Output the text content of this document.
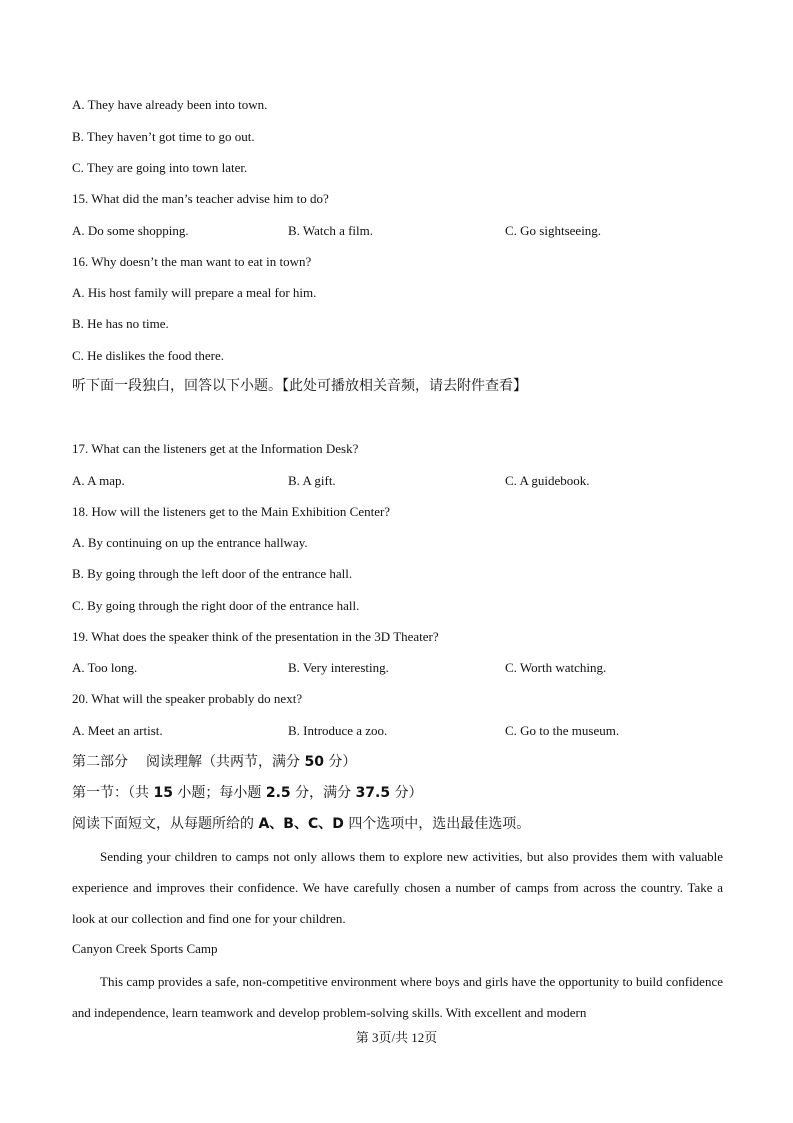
A. They have already been into town.
B. They haven’t got time to go out.
C. They are going into town later.
15. What did the man’s teacher advise him to do?
A. Do some shopping.	B. Watch a film.	C. Go sightseeing.
16. Why doesn’t the man want to eat in town?
A. His host family will prepare a meal for him.
B. He has no time.
C. He dislikes the food there.
听下面一段独白，回答以下小题。【此处可播放相关音频，请去附件查看】
17. What can the listeners get at the Information Desk?
A. A map.	B. A gift.	C. A guidebook.
18. How will the listeners get to the Main Exhibition Center?
A. By continuing on up the entrance hallway.
B. By going through the left door of the entrance hall.
C. By going through the right door of the entrance hall.
19. What does the speaker think of the presentation in the 3D Theater?
A. Too long.	B. Very interesting.	C. Worth watching.
20. What will the speaker probably do next?
A. Meet an artist.	B. Introduce a zoo.	C. Go to the museum.
第二部分 阅读理解（共两节，满分 50 分）
第一节：（共 15 小题；每小题 2.5 分，满分 37.5 分）
阅读下面短文，从每题所给的 A、B、C、D 四个选项中，选出最佳选项。

Sending your children to camps not only allows them to explore new activities, but also provides them with valuable experience and improves their confidence. We have carefully chosen a number of camps from across the country. Take a look at our collection and find one for your children.

Canyon Creek Sports Camp

This camp provides a safe, non-competitive environment where boys and girls have the opportunity to build confidence and independence, learn teamwork and develop problem-solving skills. With excellent and modern

第 3页/共 12页
